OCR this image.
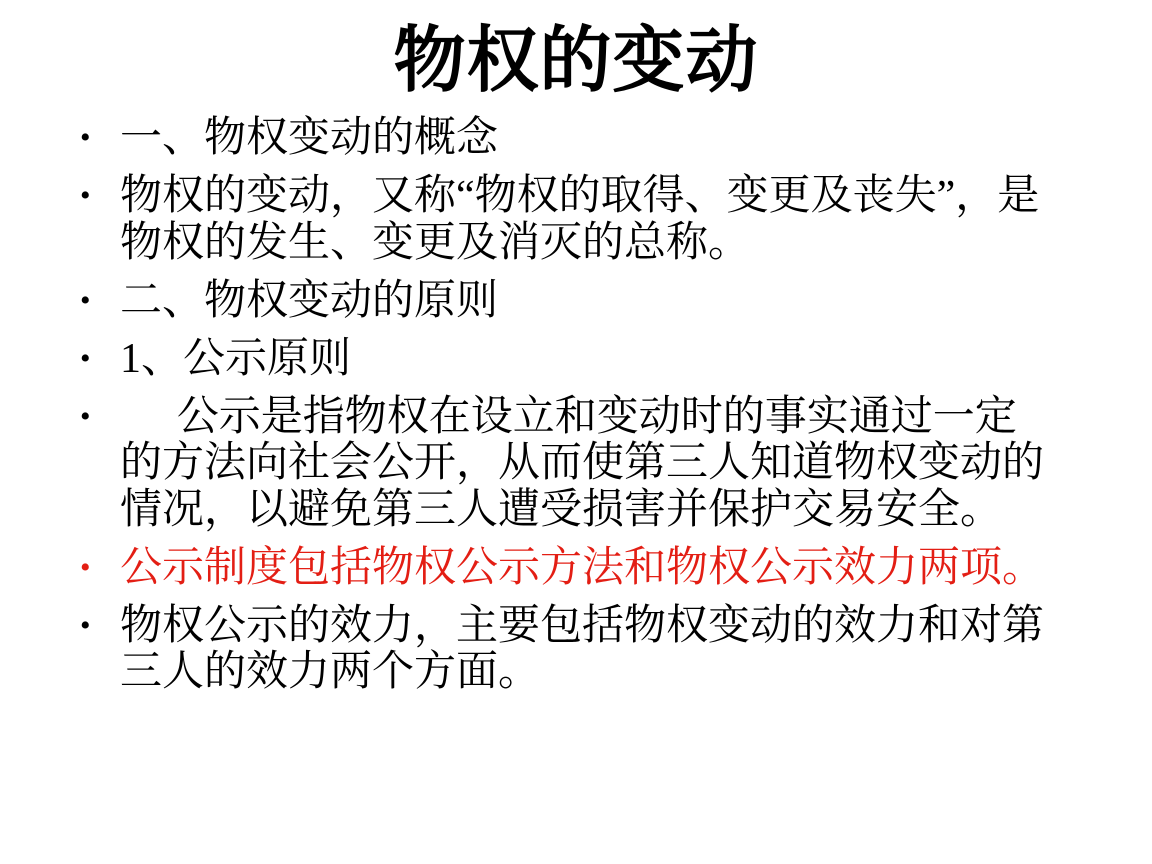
物权的变动
• 一、物权变动的概念
• 物权的变动，又称“物权的取得、变更及丧失”，是物权的发生、变更及消灭的总称。
• 二、物权变动的原则
• 1、公示原则
•	公示是指物权在设立和变动时的事实通过一定的方法向社会公开，从而使第三人知道物权变动的情况，以避免第三人遭受损害并保护交易安全。
• 公示制度包括物权公示方法和物权公示效力两项。
• 物权公示的效力，主要包括物权变动的效力和对第三人的效力两个方面。
